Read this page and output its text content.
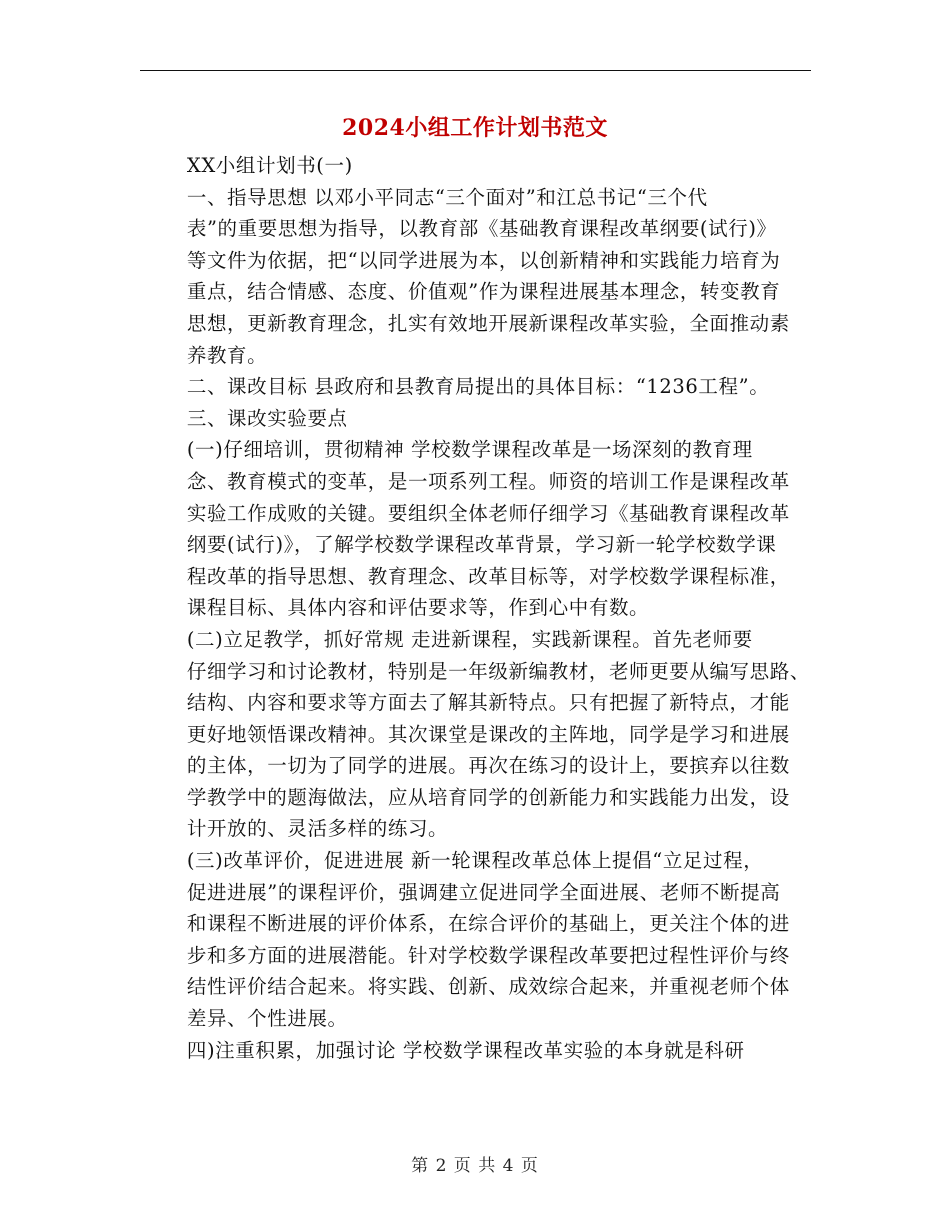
2024小组工作计划书范文

XX小组计划书(一)

一、指导思想 以邓小平同志“三个面对”和江总书记“三个代
表”的重要思想为指导，以教育部《基础教育课程改革纲要(试行)》
等文件为依据，把“以同学进展为本，以创新精神和实践能力培育为
重点，结合情感、态度、价值观”作为课程进展基本理念，转变教育
思想，更新教育理念，扎实有效地开展新课程改革实验，全面推动素
养教育。

二、课改目标 县政府和县教育局提出的具体目标：“1236工程”。

三、课改实验要点

(一)仔细培训，贯彻精神 学校数学课程改革是一场深刻的教育理
念、教育模式的变革，是一项系列工程。师资的培训工作是课程改革
实验工作成败的关键。要组织全体老师仔细学习《基础教育课程改革
纲要(试行)》，了解学校数学课程改革背景，学习新一轮学校数学课
程改革的指导思想、教育理念、改革目标等，对学校数学课程标准，
课程目标、具体内容和评估要求等，作到心中有数。

(二)立足教学，抓好常规 走进新课程，实践新课程。首先老师要
仔细学习和讨论教材，特别是一年级新编教材，老师更要从编写思路、
结构、内容和要求等方面去了解其新特点。只有把握了新特点，才能
更好地领悟课改精神。其次课堂是课改的主阵地，同学是学习和进展
的主体，一切为了同学的进展。再次在练习的设计上，要摈弃以往数
学教学中的题海做法，应从培育同学的创新能力和实践能力出发，设
计开放的、灵活多样的练习。

(三)改革评价，促进进展 新一轮课程改革总体上提倡“立足过程，
促进进展”的课程评价，强调建立促进同学全面进展、老师不断提高
和课程不断进展的评价体系，在综合评价的基础上，更关注个体的进
步和多方面的进展潜能。针对学校数学课程改革要把过程性评价与终
结性评价结合起来。将实践、创新、成效综合起来，并重视老师个体
差异、个性进展。

四)注重积累，加强讨论 学校数学课程改革实验的本身就是科研

第 2 页 共 4 页
